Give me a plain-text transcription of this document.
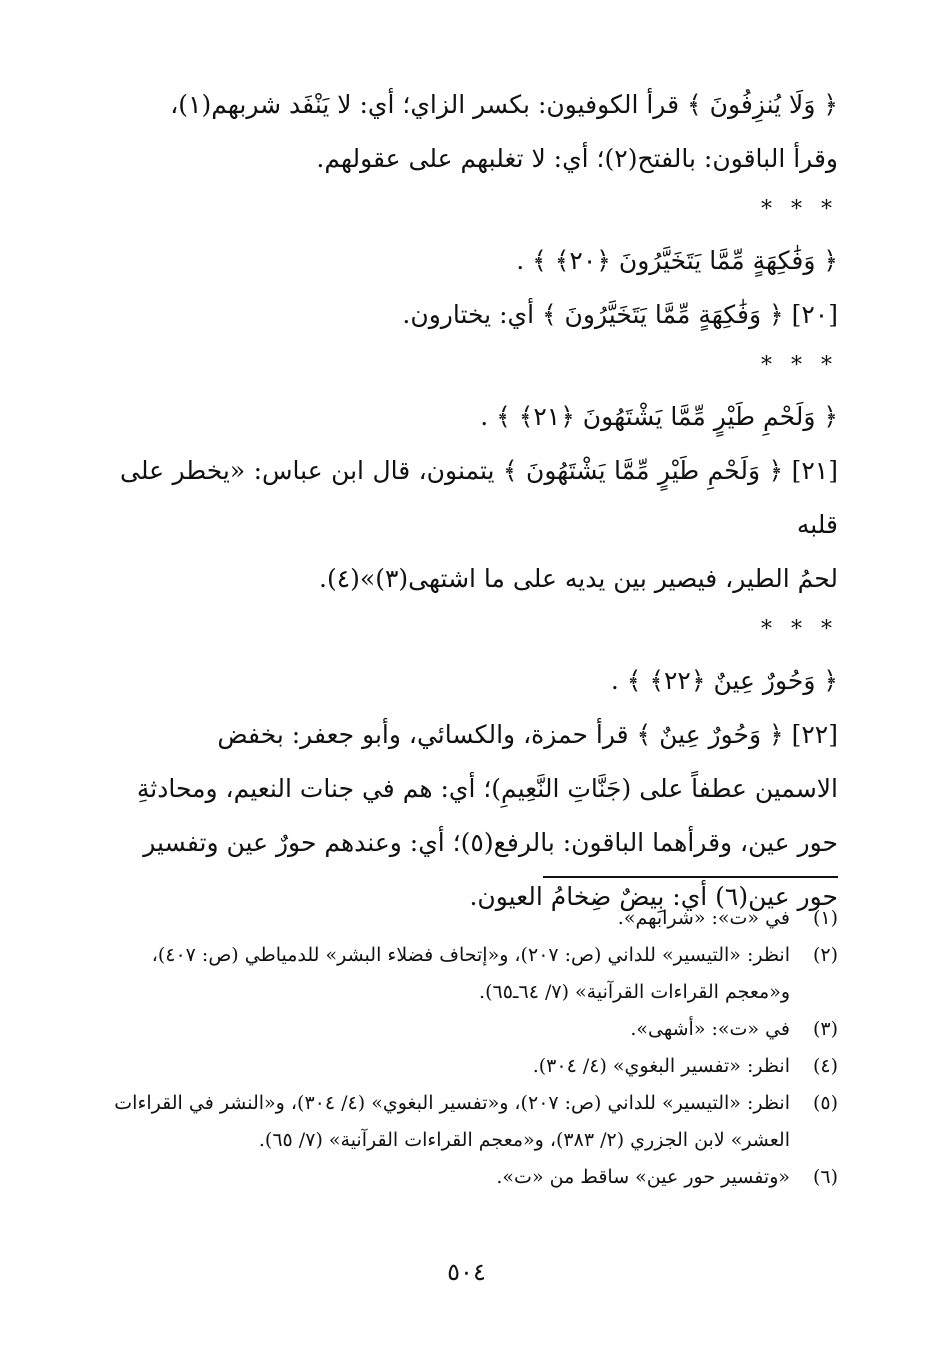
﴿ وَلَا يُنزِفُونَ ﴾ قرأ الكوفيون: بكسر الزاي؛ أي: لا يَنْفَد شربهم(١)،

وقرأ الباقون: بالفتح(٢)؛ أي: لا تغلبهم على عقولهم.

* * *

﴿ وَفَٰكِهَةٍ مِّمَّا يَتَخَيَّرُونَ ﴿٢٠﴾ ﴾ .

[٢٠] ﴿ وَفَٰكِهَةٍ مِّمَّا يَتَخَيَّرُونَ ﴾ أي: يختارون.

* * *

﴿ وَلَحْمِ طَيْرٍ مِّمَّا يَشْتَهُونَ ﴿٢١﴾ ﴾ .

[٢١] ﴿ وَلَحْمِ طَيْرٍ مِّمَّا يَشْتَهُونَ ﴾ يتمنون، قال ابن عباس: «يخطر على قلبه

لحمُ الطير، فيصير بين يديه على ما اشتهى(٣)»(٤).

* * *

﴿ وَحُورٌ عِينٌ ﴿٢٢﴾ ﴾ .

[٢٢] ﴿ وَحُورٌ عِينٌ ﴾ قرأ حمزة، والكسائي، وأبو جعفر: بخفض

الاسمين عطفاً على (جَنَّاتِ النَّعِيمِ)؛ أي: هم في جنات النعيم، ومحادثةِ

حور عين، وقرأهما الباقون: بالرفع(٥)؛ أي: وعندهم حورٌ عين وتفسير

حور عين(٦) أي: بِيضٌ ضِخامُ العيون.

(١)
في «ت»: «شرابهم».
(٢)
انظر: «التيسير» للداني (ص: ٢٠٧)، و«إتحاف فضلاء البشر» للدمياطي (ص: ٤٠٧)، و«معجم القراءات القرآنية» (٧/ ٦٤ـ٦٥).
(٣)
في «ت»: «أشهى».
(٤)
انظر: «تفسير البغوي» (٤/ ٣٠٤).
(٥)
انظر: «التيسير» للداني (ص: ٢٠٧)، و«تفسير البغوي» (٤/ ٣٠٤)، و«النشر في القراءات العشر» لابن الجزري (٢/ ٣٨٣)، و«معجم القراءات القرآنية» (٧/ ٦٥).
(٦)
«وتفسير حور عين» ساقط من «ت».
٥٠٤
